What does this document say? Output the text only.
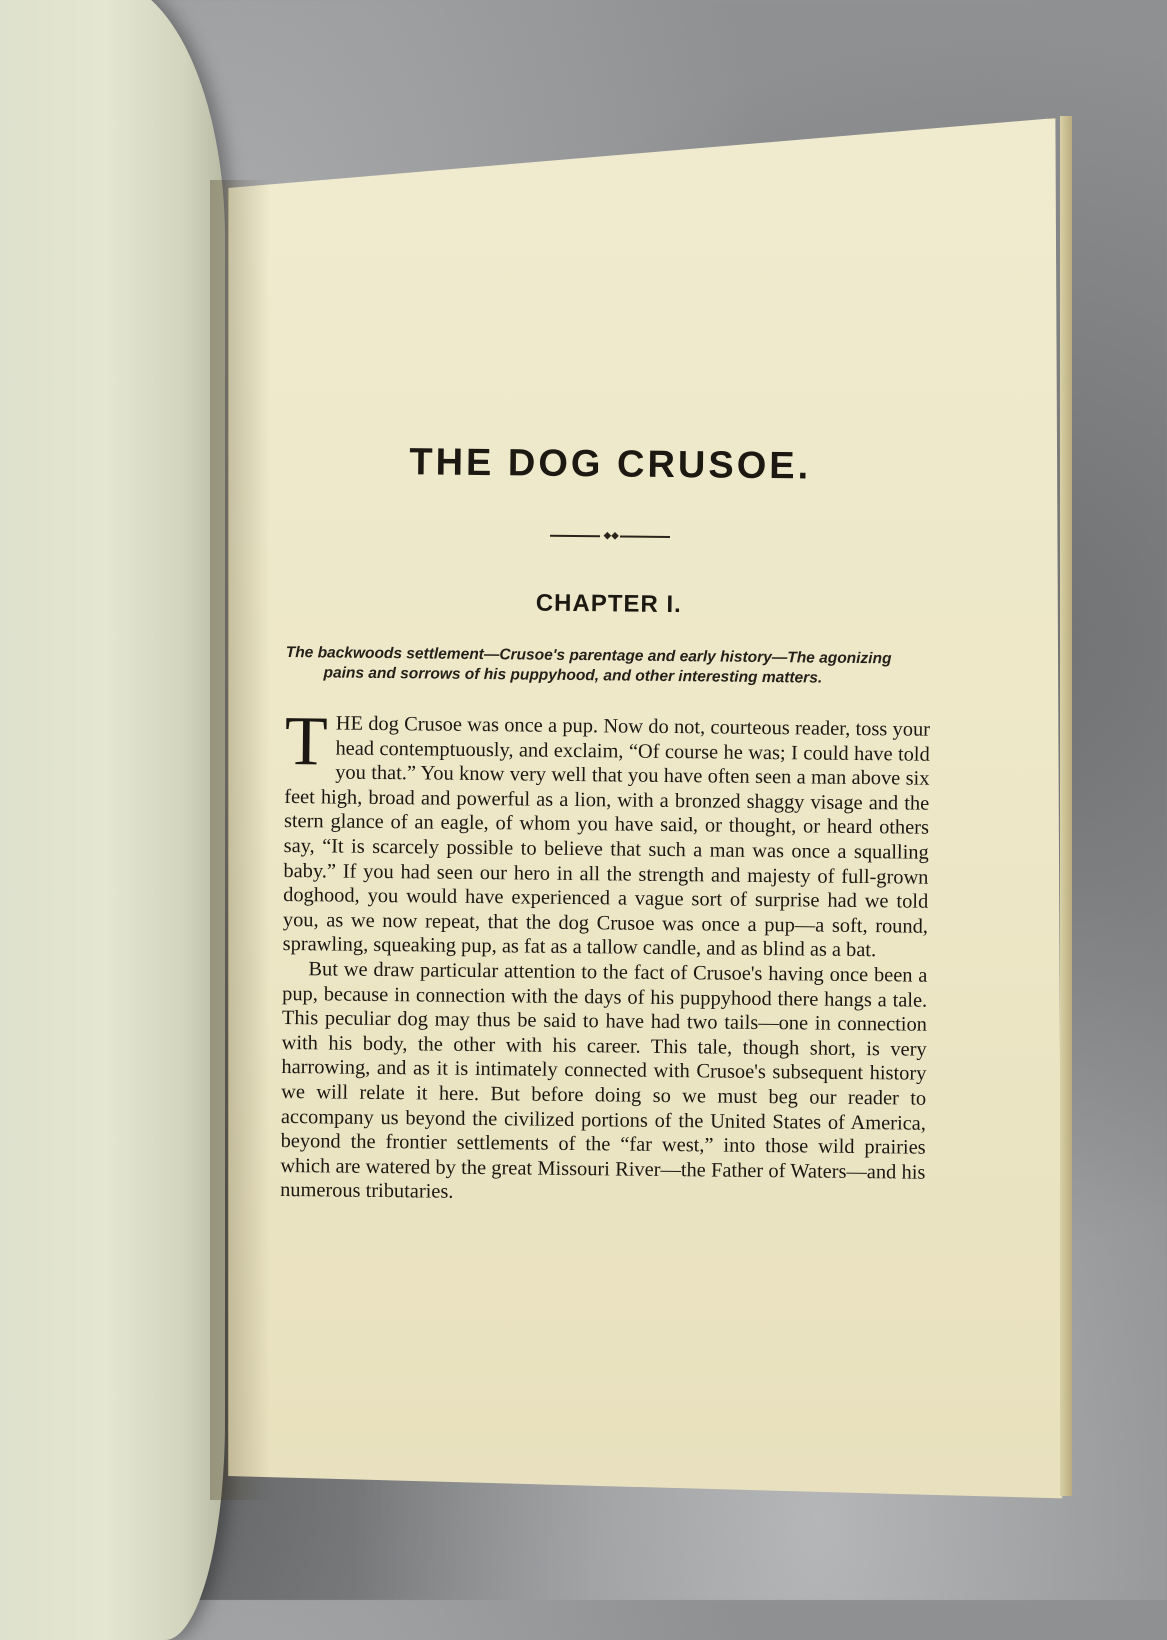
THE DOG CRUSOE.
◆◆
CHAPTER I.

The backwoods settlement—Crusoe's parentage and early history—The agonizing pains and sorrows of his puppyhood, and other interesting matters.

THE dog Crusoe was once a pup. Now do not, courteous reader, toss your head contemptuously, and exclaim, “Of course he was; I could have told you that.” You know very well that you have often seen a man above six feet high, broad and powerful as a lion, with a bronzed shaggy visage and the stern glance of an eagle, of whom you have said, or thought, or heard others say, “It is scarcely possible to believe that such a man was once a squalling baby.” If you had seen our hero in all the strength and majesty of full-grown doghood, you would have experienced a vague sort of surprise had we told you, as we now repeat, that the dog Crusoe was once a pup—a soft, round, sprawling, squeaking pup, as fat as a tallow candle, and as blind as a bat.

But we draw particular attention to the fact of Crusoe's having once been a pup, because in connection with the days of his puppyhood there hangs a tale. This peculiar dog may thus be said to have had two tails—one in connection with his body, the other with his career. This tale, though short, is very harrowing, and as it is intimately connected with Crusoe's subsequent history we will relate it here. But before doing so we must beg our reader to accompany us beyond the civilized portions of the United States of America, beyond the frontier settlements of the “far west,” into those wild prairies which are watered by the great Missouri River—the Father of Waters—and his numerous tributaries.
